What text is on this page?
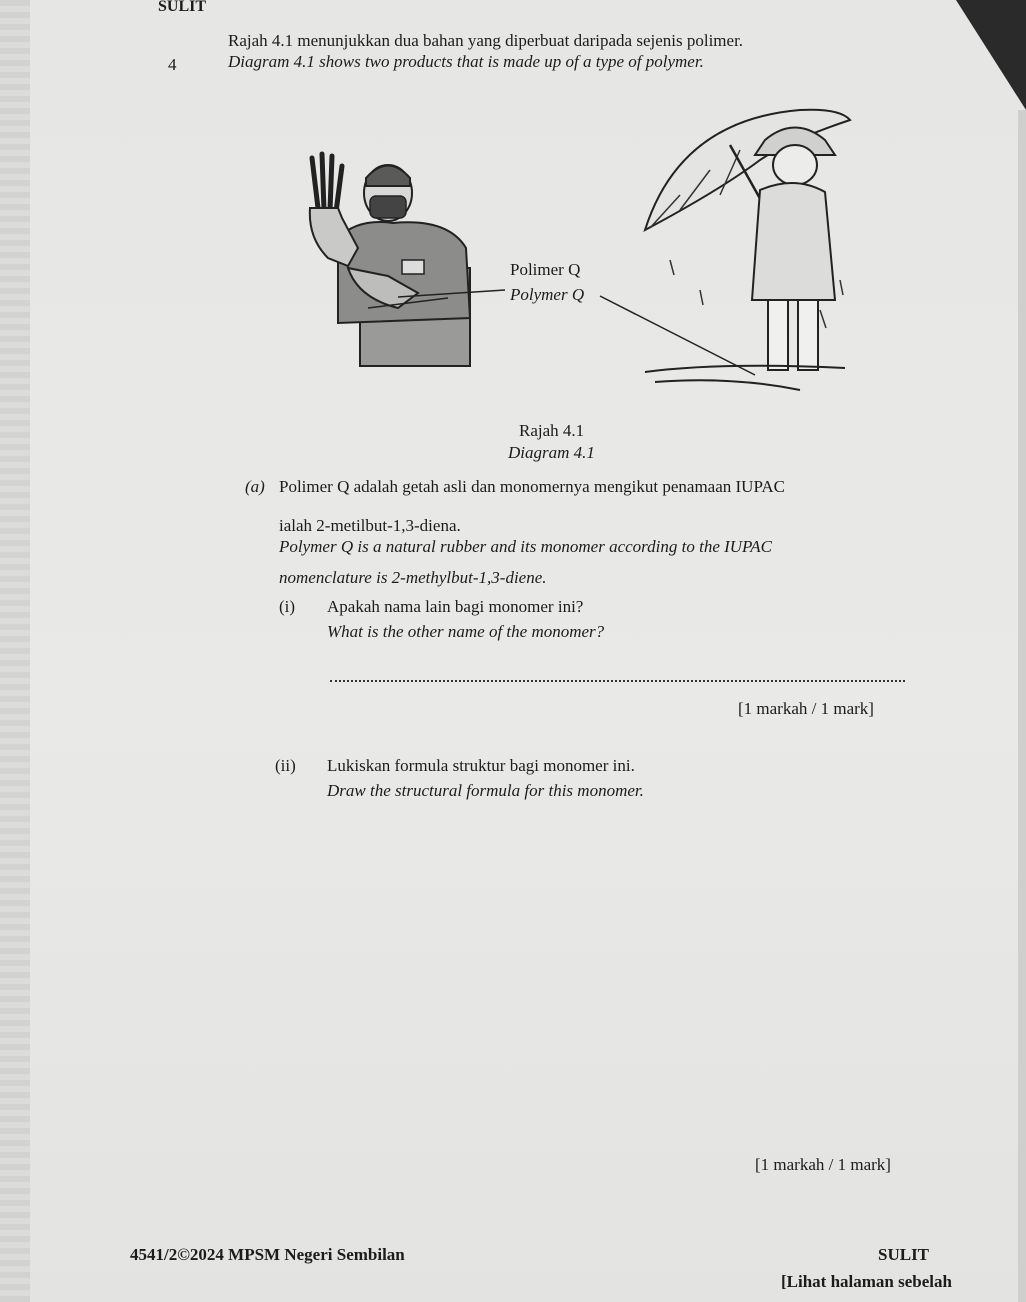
SULIT
4
Rajah 4.1 menunjukkan dua bahan yang diperbuat daripada sejenis polimer.
Diagram 4.1 shows two products that is made up of a type of polymer.
Polimer Q
Polymer Q
Rajah 4.1
Diagram 4.1
(a) Polimer Q adalah getah asli dan monomernya mengikut penamaan IUPAC
ialah 2-metilbut-1,3-diena.
Polymer Q is a natural rubber and its monomer according to the IUPAC
nomenclature is 2-methylbut-1,3-diene.
(i) Apakah nama lain bagi monomer ini?
What is the other name of the monomer?
[1 markah / 1 mark]
(ii) Lukiskan formula struktur bagi monomer ini.
Draw the structural formula for this monomer.
[1 markah / 1 mark]
4541/2©2024 MPSM Negeri Sembilan	SULIT
[Lihat halaman sebelah
